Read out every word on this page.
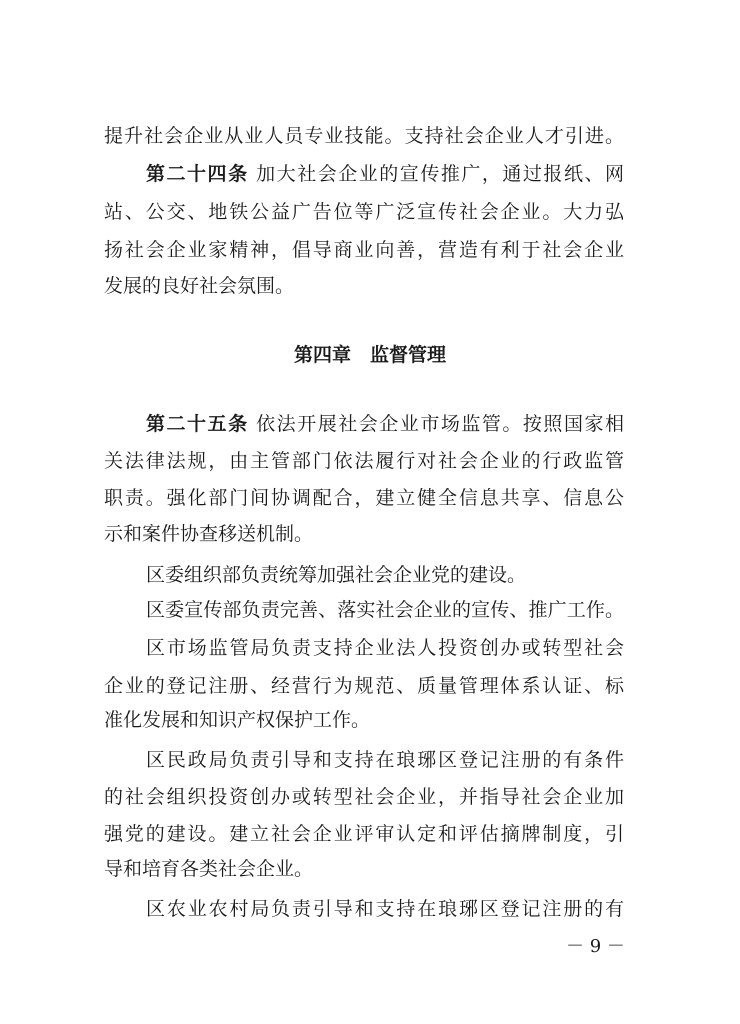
提升社会企业从业人员专业技能。支持社会企业人才引进。
第二十四条 加大社会企业的宣传推广，通过报纸、网
站、公交、地铁公益广告位等广泛宣传社会企业。大力弘
扬社会企业家精神，倡导商业向善，营造有利于社会企业
发展的良好社会氛围。
第四章　监督管理
第二十五条 依法开展社会企业市场监管。按照国家相
关法律法规，由主管部门依法履行对社会企业的行政监管
职责。强化部门间协调配合，建立健全信息共享、信息公
示和案件协查移送机制。
区委组织部负责统筹加强社会企业党的建设。
区委宣传部负责完善、落实社会企业的宣传、推广工作。
区市场监管局负责支持企业法人投资创办或转型社会
企业的登记注册、经营行为规范、质量管理体系认证、标
准化发展和知识产权保护工作。
区民政局负责引导和支持在琅琊区登记注册的有条件
的社会组织投资创办或转型社会企业，并指导社会企业加
强党的建设。建立社会企业评审认定和评估摘牌制度，引
导和培育各类社会企业。
区农业农村局负责引导和支持在琅琊区登记注册的有
－ 9 －
